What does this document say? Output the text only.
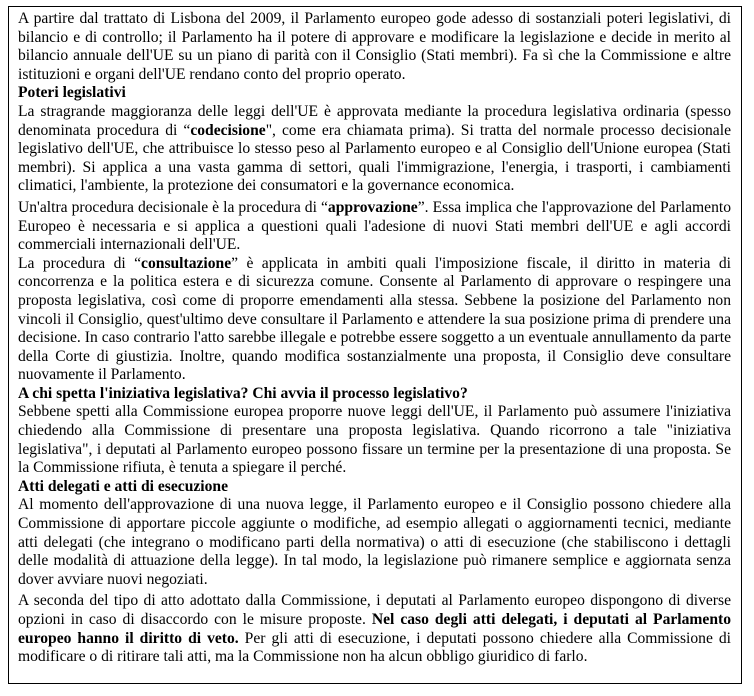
A partire dal trattato di Lisbona del 2009, il Parlamento europeo gode adesso di sostanziali poteri legislativi, di bilancio e di controllo; il Parlamento ha il potere di approvare e modificare la legislazione e decide in merito al bilancio annuale dell'UE su un piano di parità con il Consiglio (Stati membri). Fa sì che la Commissione e altre istituzioni e organi dell'UE rendano conto del proprio operato.

Poteri legislativi

La stragrande maggioranza delle leggi dell'UE è approvata mediante la procedura legislativa ordinaria (spesso denominata procedura di “codecisione", come era chiamata prima). Si tratta del normale processo decisionale legislativo dell'UE, che attribuisce lo stesso peso al Parlamento europeo e al Consiglio dell'Unione europea (Stati membri). Si applica a una vasta gamma di settori, quali l'immigrazione, l'energia, i trasporti, i cambiamenti climatici, l'ambiente, la protezione dei consumatori e la governance economica.

Un'altra procedura decisionale è la procedura di “approvazione”. Essa implica che l'approvazione del Parlamento Europeo è necessaria e si applica a questioni quali l'adesione di nuovi Stati membri dell'UE e agli accordi commerciali internazionali dell'UE.

La procedura di “consultazione” è applicata in ambiti quali l'imposizione fiscale, il diritto in materia di concorrenza e la politica estera e di sicurezza comune. Consente al Parlamento di approvare o respingere una proposta legislativa, così come di proporre emendamenti alla stessa. Sebbene la posizione del Parlamento non vincoli il Consiglio, quest'ultimo deve consultare il Parlamento e attendere la sua posizione prima di prendere una decisione. In caso contrario l'atto sarebbe illegale e potrebbe essere soggetto a un eventuale annullamento da parte della Corte di giustizia. Inoltre, quando modifica sostanzialmente una proposta, il Consiglio deve consultare nuovamente il Parlamento.

A chi spetta l'iniziativa legislativa? Chi avvia il processo legislativo?

Sebbene spetti alla Commissione europea proporre nuove leggi dell'UE, il Parlamento può assumere l'iniziativa chiedendo alla Commissione di presentare una proposta legislativa. Quando ricorrono a tale "iniziativa legislativa", i deputati al Parlamento europeo possono fissare un termine per la presentazione di una proposta. Se la Commissione rifiuta, è tenuta a spiegare il perché.

Atti delegati e atti di esecuzione

Al momento dell'approvazione di una nuova legge, il Parlamento europeo e il Consiglio possono chiedere alla Commissione di apportare piccole aggiunte o modifiche, ad esempio allegati o aggiornamenti tecnici, mediante atti delegati (che integrano o modificano parti della normativa) o atti di esecuzione (che stabiliscono i dettagli delle modalità di attuazione della legge). In tal modo, la legislazione può rimanere semplice e aggiornata senza dover avviare nuovi negoziati.

A seconda del tipo di atto adottato dalla Commissione, i deputati al Parlamento europeo dispongono di diverse opzioni in caso di disaccordo con le misure proposte. Nel caso degli atti delegati, i deputati al Parlamento europeo hanno il diritto di veto. Per gli atti di esecuzione, i deputati possono chiedere alla Commissione di modificare o di ritirare tali atti, ma la Commissione non ha alcun obbligo giuridico di farlo.
